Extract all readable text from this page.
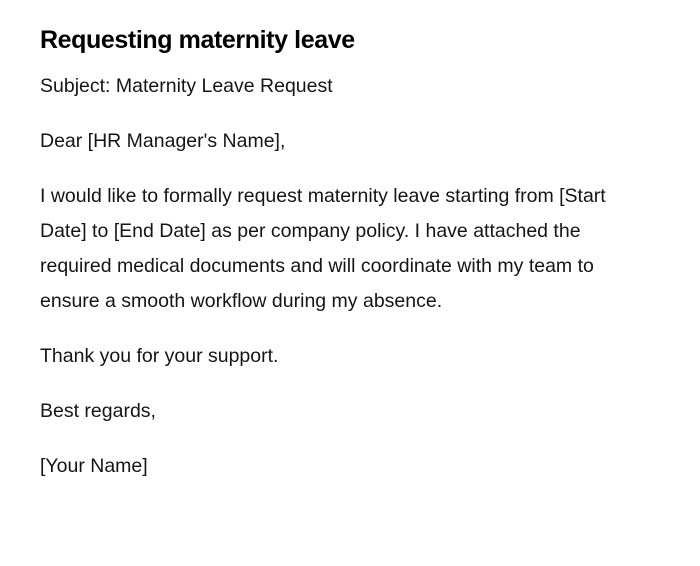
Requesting maternity leave

Subject: Maternity Leave Request

Dear [HR Manager's Name],

I would like to formally request maternity leave starting from [Start Date] to [End Date] as per company policy. I have attached the required medical documents and will coordinate with my team to ensure a smooth workflow during my absence.

Thank you for your support.

Best regards,

[Your Name]
